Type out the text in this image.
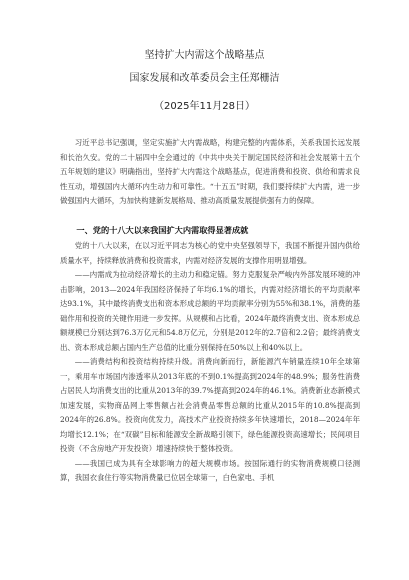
坚持扩大内需这个战略基点
国家发展和改革委员会主任郑栅洁
（2025年11月28日）

习近平总书记强调，坚定实施扩大内需战略，构建完整的内需体系，关系我国长远发展和长治久安。党的二十届四中全会通过的《中共中央关于制定国民经济和社会发展第十五个五年规划的建议》明确指出，坚持扩大内需这个战略基点，促进消费和投资、供给和需求良性互动，增强国内大循环内生动力和可靠性。“十五五”时期，我们要持续扩大内需，进一步做强国内大循环，为加快构建新发展格局、推动高质量发展提供强有力的保障。

一、党的十八大以来我国扩大内需取得显著成就

党的十八大以来，在以习近平同志为核心的党中央坚强领导下，我国不断提升国内供给质量水平，持续释放消费和投资需求，内需对经济发展的支撑作用明显增强。

——内需成为拉动经济增长的主动力和稳定锚。努力克服复杂严峻内外部发展环境的冲击影响，2013—2024年我国经济保持了年均6.1%的增长，内需对经济增长的平均贡献率达93.1%，其中最终消费支出和资本形成总额的平均贡献率分别为55%和38.1%，消费的基础作用和投资的关键作用进一步发挥。从规模和占比看，2024年最终消费支出、资本形成总额规模已分别达到76.3万亿元和54.8万亿元，分别是2012年的2.7倍和2.2倍；最终消费支出、资本形成总额占国内生产总值的比重分别保持在50%以上和40%以上。

——消费结构和投资结构持续升级。消费向新而行，新能源汽车销量连续10年全球第一，乘用车市场国内渗透率从2013年底的不到0.1%提高到2024年的48.9%；服务性消费占居民人均消费支出的比重从2013年的39.7%提高到2024年的46.1%。消费新业态新模式加速发展，实物商品网上零售额占社会消费品零售总额的比重从2015年的10.8%提高到2024年的26.8%。投资向优发力，高技术产业投资持续多年快速增长，2018—2024年年均增长12.1%；在“双碳”目标和能源安全新战略引领下，绿色能源投资高速增长；民间项目投资（不含房地产开发投资）增速持续快于整体投资。

——我国已成为具有全球影响力的超大规模市场。按国际通行的实物消费规模口径测算，我国衣食住行等实物消费量已位居全球第一，白色家电、手机
